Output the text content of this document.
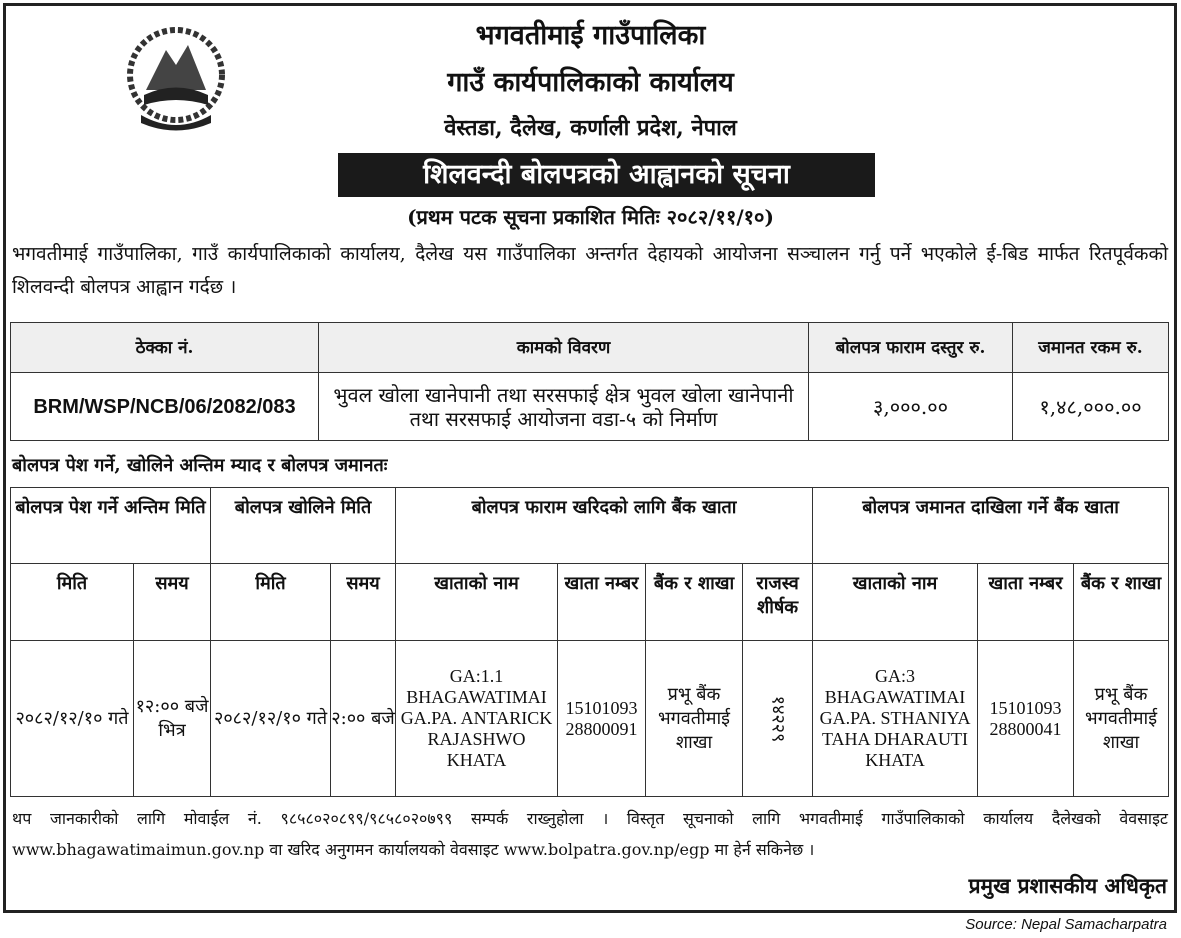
भगवतीमाई गाउँपालिका
गाउँ कार्यपालिकाको कार्यालय
वेस्तडा, दैलेख, कर्णाली प्रदेश, नेपाल
शिलवन्दी बोलपत्रको आह्वानको सूचना
(प्रथम पटक सूचना प्रकाशित मितिः २०८२/११/१०)
भगवतीमाई गाउँपालिका, गाउँ कार्यपालिकाको कार्यालय, दैलेख यस गाउँपालिका अन्तर्गत देहायको आयोजना सञ्चालन गर्नु पर्ने भएकोले ई-बिड मार्फत रितपूर्वकको शिलवन्दी बोलपत्र आह्वान गर्दछ ।
ठेक्का नं.	कामको विवरण	बोलपत्र फाराम दस्तुर रु.	जमानत रकम रु.
BRM/WSP/NCB/06/2082/083	भुवल खोला खानेपानी तथा सरसफाई क्षेत्र भुवल खोला खानेपानी तथा सरसफाई आयोजना वडा-५ को निर्माण	३,०००.००	१,४८,०००.००
बोलपत्र पेश गर्ने, खोलिने अन्तिम म्याद र बोलपत्र जमानतः
बोलपत्र पेश गर्ने अन्तिम मिति		बोलपत्र खोलिने मिति		बोलपत्र फाराम खरिदको लागि बैंक खाता				बोलपत्र जमानत दाखिला गर्ने बैंक खाता		
मिति	समय	मिति	समय	खाताको नाम	खाता नम्बर	बैंक र शाखा	राजस्व शीर्षक	खाताको नाम	खाता नम्बर	बैंक र शाखा
२०८२/१२/१० गते	१२:०० बजे भित्र	२०८२/१२/१० गते	२:०० बजे	GA:1.1 BHAGAWATIMAI GA.PA. ANTARICK RAJASHWO KHATA	15101093 28800091	प्रभू बैंक भगवतीमाई शाखा	१४२२९	GA:3 BHAGAWATIMAI GA.PA. STHANIYA TAHA DHARAUTI KHATA	15101093 28800041	प्रभू बैंक भगवतीमाई शाखा
थप जानकारीको लागि मोवाईल नं. ९८५८०२०८९९/९८५८०२०७९९ सम्पर्क राख्नुहोला । विस्तृत सूचनाको लागि भगवतीमाई गाउँपालिकाको कार्यालय दैलेखको वेवसाइट www.bhagawatimaimun.gov.np वा खरिद अनुगमन कार्यालयको वेवसाइट www.bolpatra.gov.np/egp मा हेर्न सकिनेछ ।
प्रमुख प्रशासकीय अधिकृत
Source: Nepal Samacharpatra
